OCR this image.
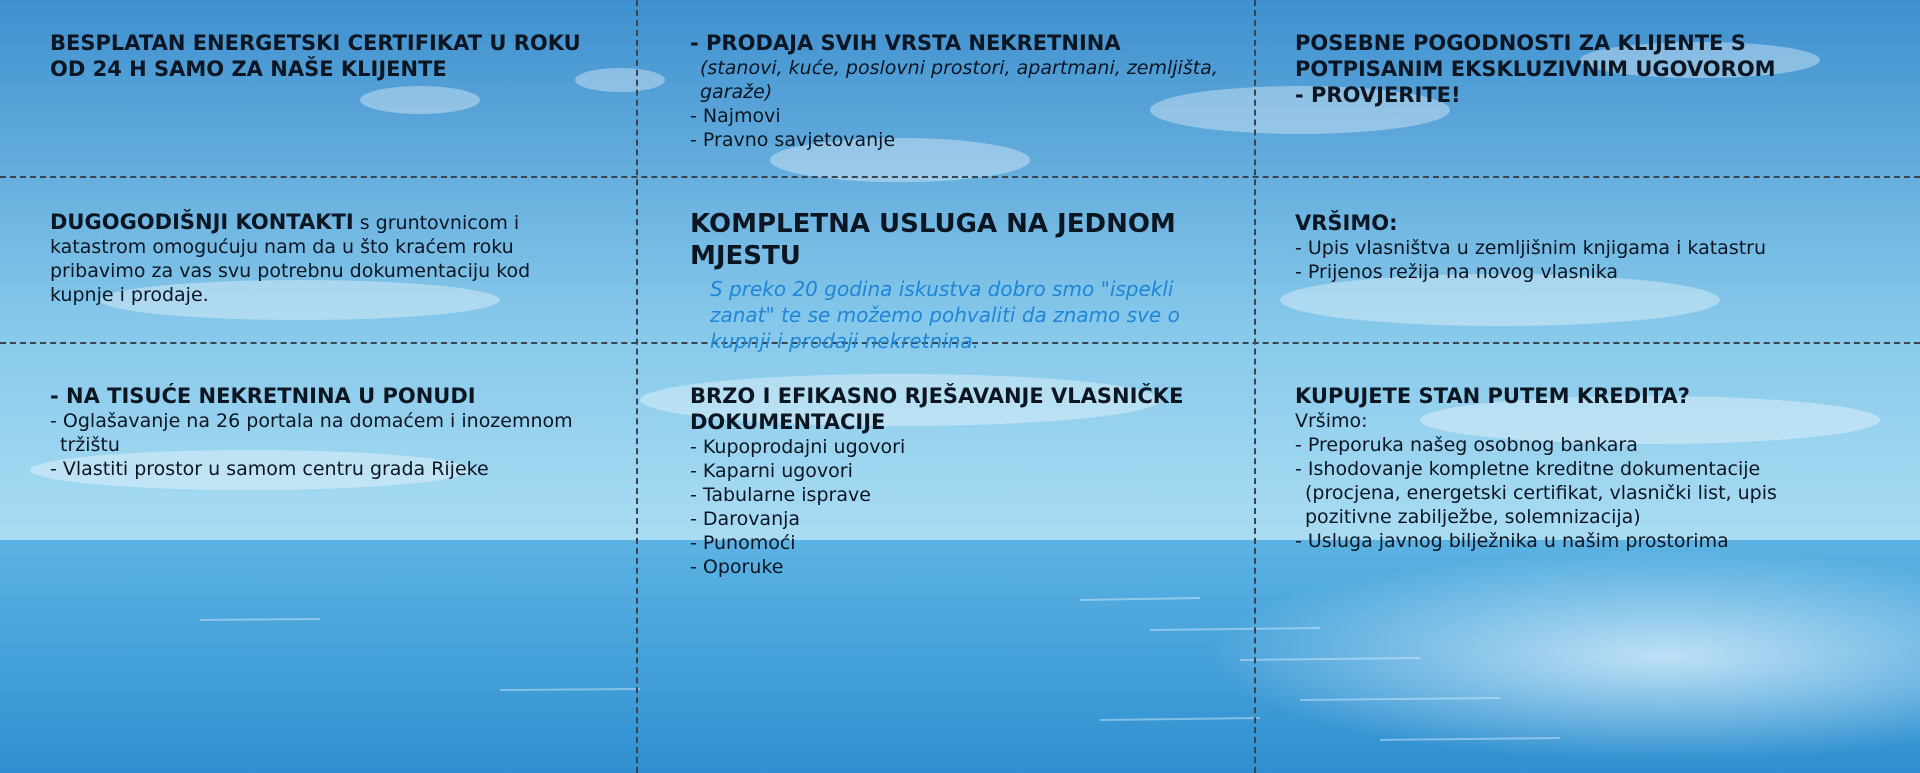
BESPLATAN ENERGETSKI CERTIFIKAT U ROKU OD 24 H SAMO ZA NAŠE KLIJENTE

- PRODAJA SVIH VRSTA NEKRETNINA

(stanovi, kuće, poslovni prostori, apartmani, zemljišta, garaže)

- Najmovi

- Pravno savjetovanje

POSEBNE POGODNOSTI ZA KLIJENTE S POTPISANIM EKSKLUZIVNIM UGOVOROM

- PROVJERITE!

DUGOGODIŠNJI KONTAKTI s gruntovnicom i katastrom omogućuju nam da u što kraćem roku pribavimo za vas svu potrebnu dokumentaciju kod kupnje i prodaje.

KOMPLETNA USLUGA NA JEDNOM MJESTU

S preko 20 godina iskustva dobro smo "ispekli zanat" te se možemo pohvaliti da znamo sve o kupnji i prodaji nekretnina.

VRŠIMO:

- Upis vlasništva u zemljišnim knjigama i katastru

- Prijenos režija na novog vlasnika

- NA TISUĆE NEKRETNINA U PONUDI

- Oglašavanje na 26 portala na domaćem i inozemnom

tržištu

- Vlastiti prostor u samom centru grada Rijeke

BRZO I EFIKASNO RJEŠAVANJE VLASNIČKE DOKUMENTACIJE

- Kupoprodajni ugovori

- Kaparni ugovori

- Tabularne isprave

- Darovanja

- Punomoći

- Oporuke

KUPUJETE STAN PUTEM KREDITA?

Vršimo:

- Preporuka našeg osobnog bankara

- Ishodovanje kompletne kreditne dokumentacije

(procjena, energetski certifikat, vlasnički list, upis

pozitivne zabilježbe, solemnizacija)

- Usluga javnog bilježnika u našim prostorima
